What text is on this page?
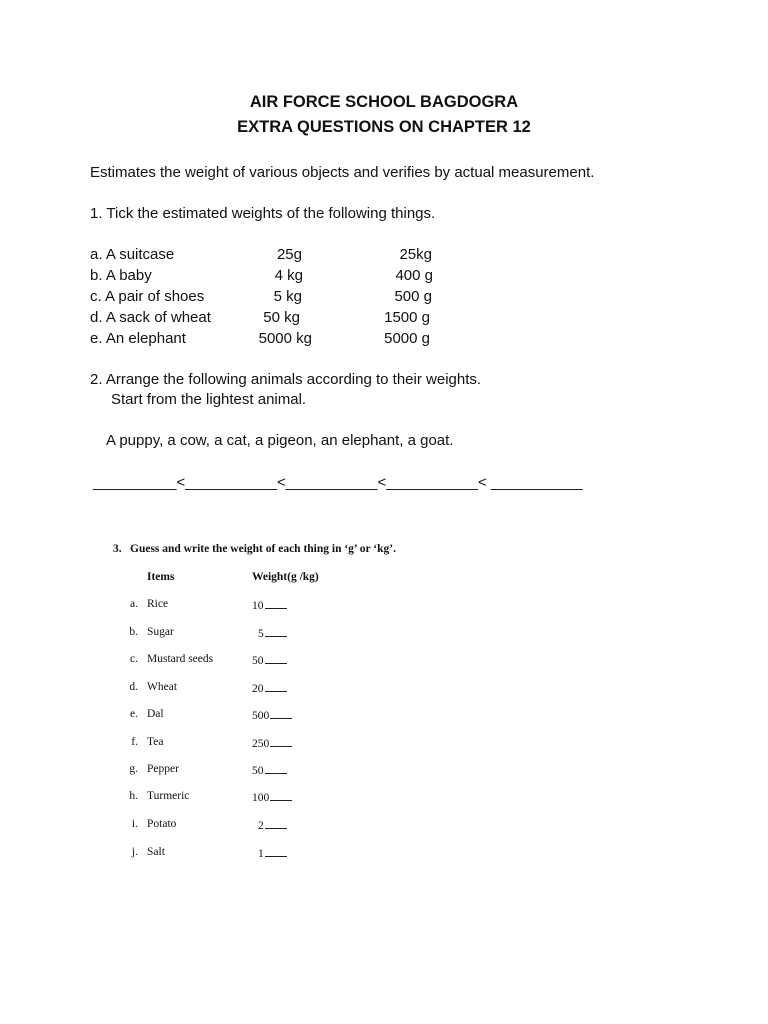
AIR FORCE SCHOOL BAGDOGRA
EXTRA QUESTIONS ON CHAPTER 12
Estimates the weight of various objects and verifies by actual measurement.
1. Tick the estimated weights of the following things.
a. A suitcase	25g	25kg
b. A baby	4 kg	400 g
c. A pair of shoes	5 kg	500 g
d. A sack of wheat	50 kg	1500 g
e. An elephant	5000 kg	5000 g
2. Arrange the following animals according to their weights.
Start from the lightest animal.
A puppy, a cow, a cat, a pigeon, an elephant, a goat.
__________<___________<___________<___________< ___________
3. Guess and write the weight of each thing in ‘g’ or ‘kg’.
Items	Weight(g /kg)
a. Rice	10
b. Sugar	5
c. Mustard seeds	50
d. Wheat	20
e. Dal	500
f. Tea	250
g. Pepper	50
h. Turmeric	100
i. Potato	2
j. Salt	1
